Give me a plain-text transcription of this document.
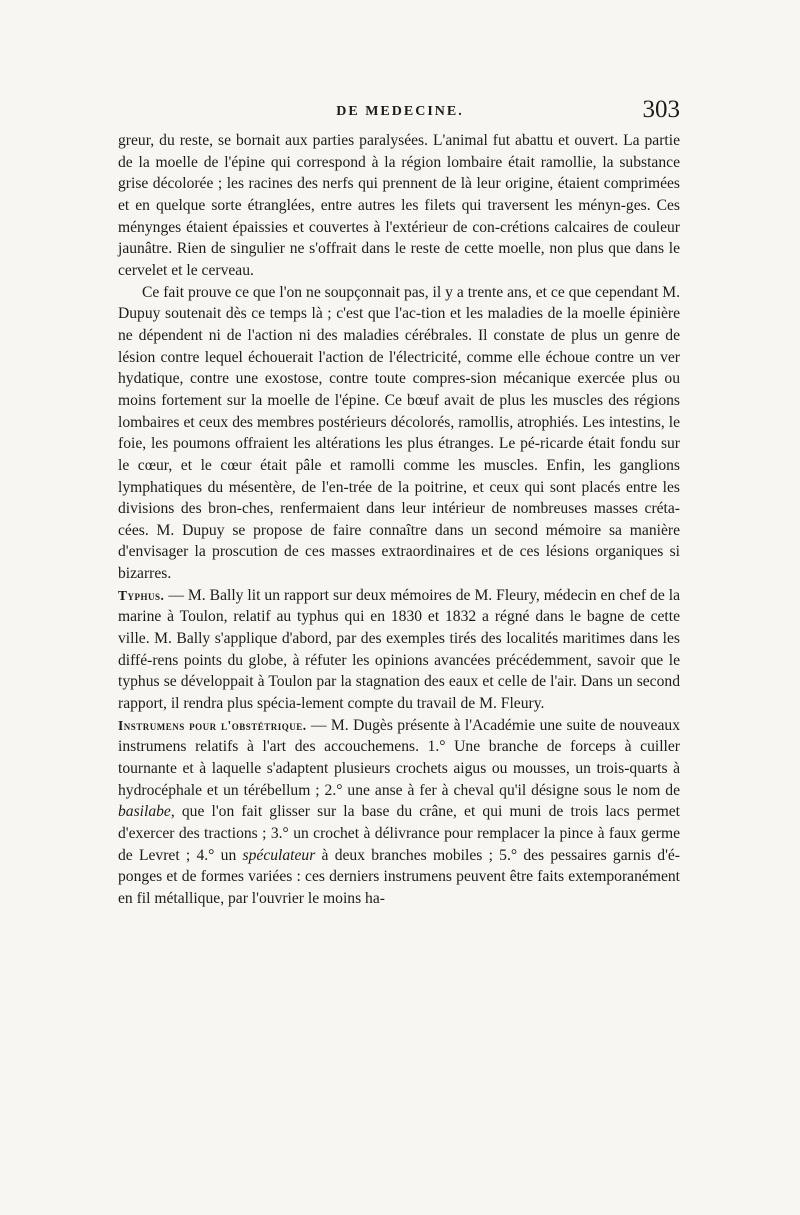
DE MEDECINE.	303

greur, du reste, se bornait aux parties paralysées. L'animal fut abattu et ouvert. La partie de la moelle de l'épine qui correspond à la région lombaire était ramollie, la substance grise décolorée ; les racines des nerfs qui prennent de là leur origine, étaient comprimées et en quelque sorte étranglées, entre autres les filets qui traversent les ményn-ges. Ces ménynges étaient épaissies et couvertes à l'extérieur de con-crétions calcaires de couleur jaunâtre. Rien de singulier ne s'offrait dans le reste de cette moelle, non plus que dans le cervelet et le cerveau.

Ce fait prouve ce que l'on ne soupçonnait pas, il y a trente ans, et ce que cependant M. Dupuy soutenait dès ce temps là ; c'est que l'ac-tion et les maladies de la moelle épinière ne dépendent ni de l'action ni des maladies cérébrales. Il constate de plus un genre de lésion contre lequel échouerait l'action de l'électricité, comme elle échoue contre un ver hydatique, contre une exostose, contre toute compres-sion mécanique exercée plus ou moins fortement sur la moelle de l'épine. Ce bœuf avait de plus les muscles des régions lombaires et ceux des membres postérieurs décolorés, ramollis, atrophiés. Les intestins, le foie, les poumons offraient les altérations les plus étranges. Le pé-ricarde était fondu sur le cœur, et le cœur était pâle et ramolli comme les muscles. Enfin, les ganglions lymphatiques du mésentère, de l'en-trée de la poitrine, et ceux qui sont placés entre les divisions des bron-ches, renfermaient dans leur intérieur de nombreuses masses créta-cées. M. Dupuy se propose de faire connaître dans un second mémoire sa manière d'envisager la proscution de ces masses extraordinaires et de ces lésions organiques si bizarres.

Typhus. — M. Bally lit un rapport sur deux mémoires de M. Fleury, médecin en chef de la marine à Toulon, relatif au typhus qui en 1830 et 1832 a régné dans le bagne de cette ville. M. Bally s'applique d'abord, par des exemples tirés des localités maritimes dans les diffé-rens points du globe, à réfuter les opinions avancées précédemment, savoir que le typhus se développait à Toulon par la stagnation des eaux et celle de l'air. Dans un second rapport, il rendra plus spécia-lement compte du travail de M. Fleury.

Instrumens pour l'obstétrique. — M. Dugès présente à l'Académie une suite de nouveaux instrumens relatifs à l'art des accouchemens. 1.° Une branche de forceps à cuiller tournante et à laquelle s'adaptent plusieurs crochets aigus ou mousses, un trois-quarts à hydrocéphale et un térébellum ; 2.° une anse à fer à cheval qu'il désigne sous le nom de basilabe, que l'on fait glisser sur la base du crâne, et qui muni de trois lacs permet d'exercer des tractions ; 3.° un crochet à délivrance pour remplacer la pince à faux germe de Levret ; 4.° un spéculateur à deux branches mobiles ; 5.° des pessaires garnis d'é-ponges et de formes variées : ces derniers instrumens peuvent être faits extemporanément en fil métallique, par l'ouvrier le moins ha-
